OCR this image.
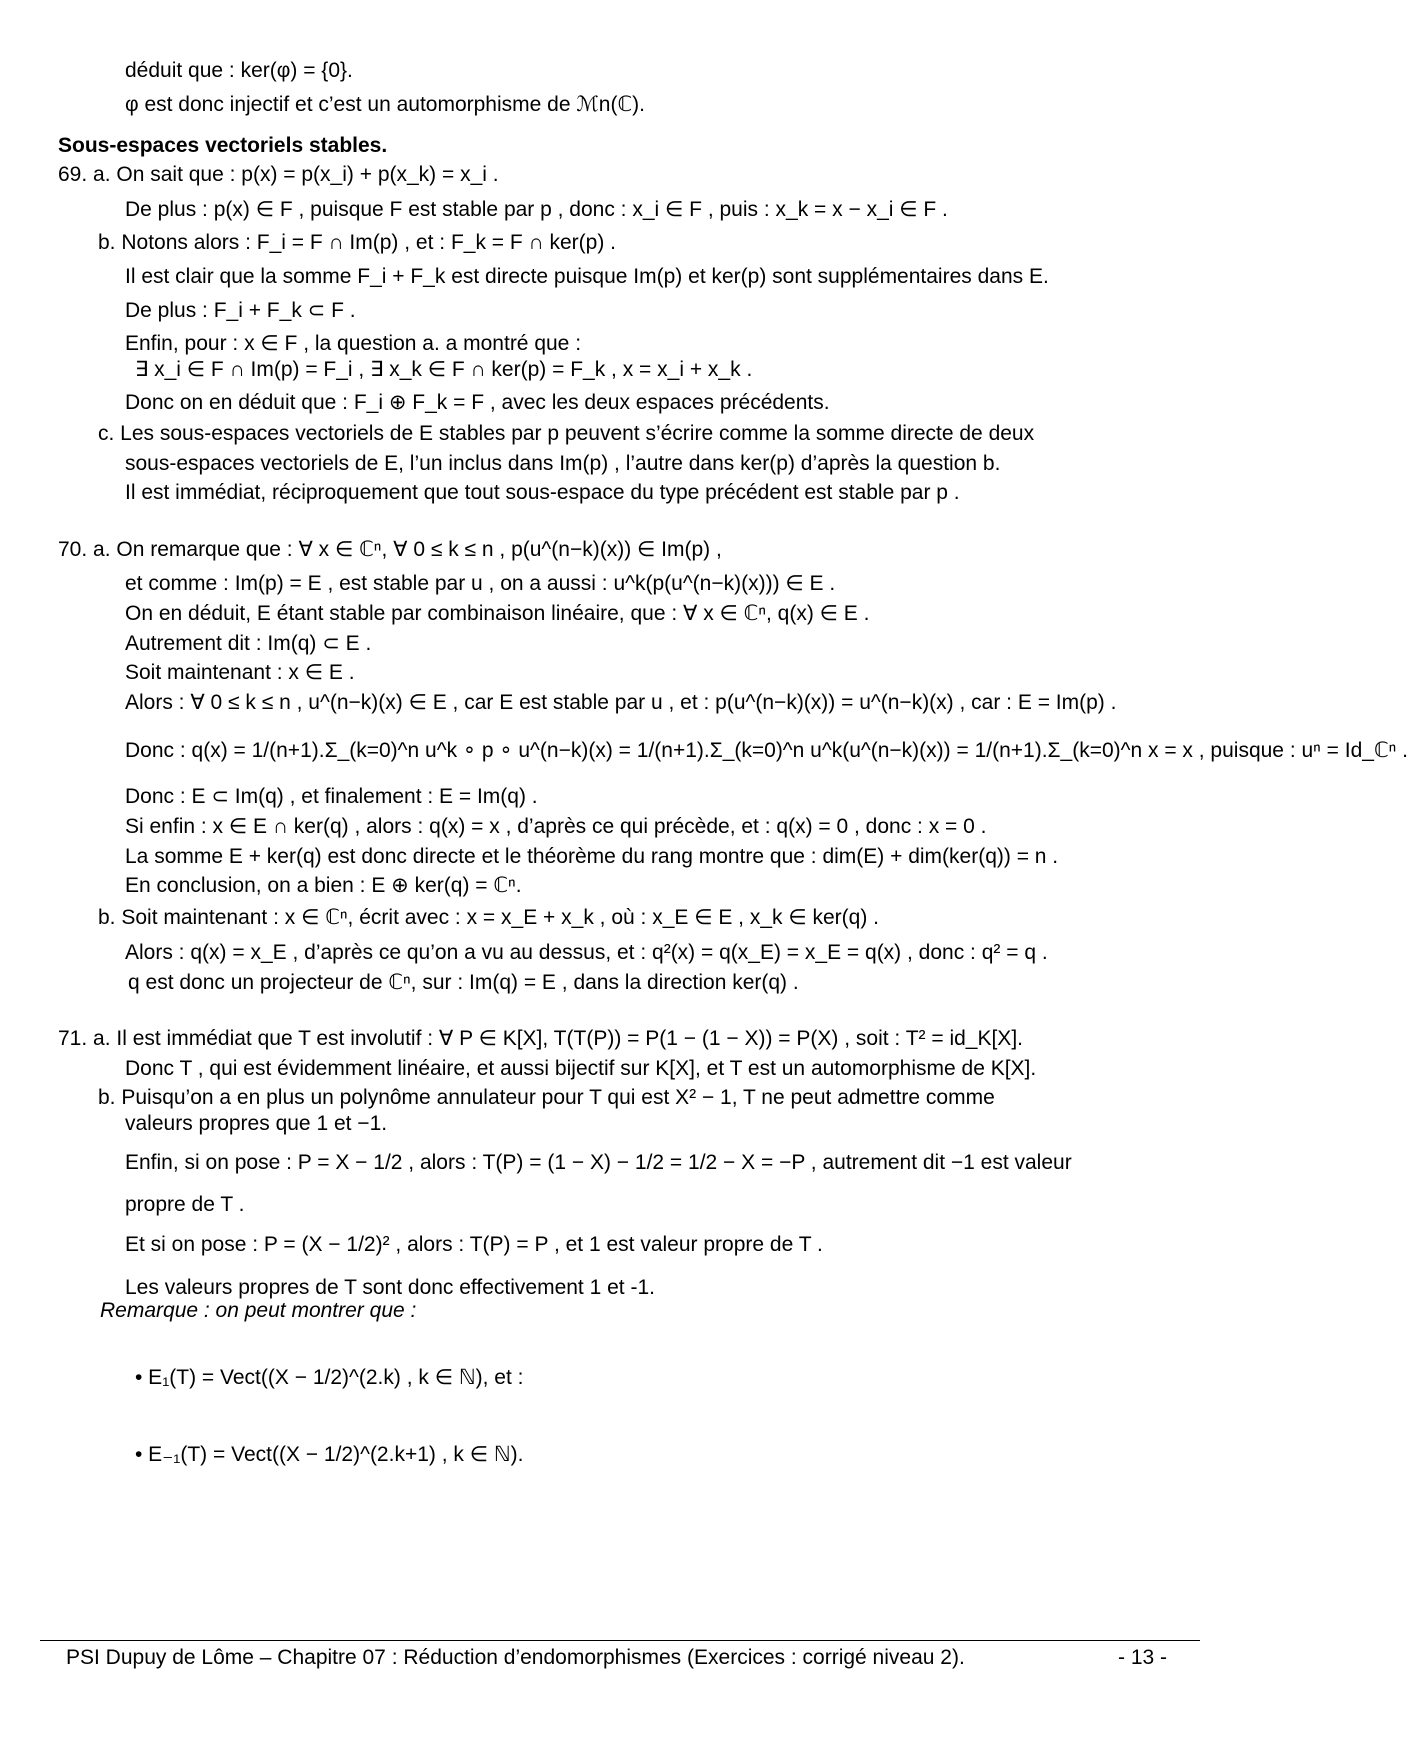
déduit que : ker(φ) = {0}.
φ est donc injectif et c’est un automorphisme de ℳn(ℂ).
Sous-espaces vectoriels stables.
69. a. On sait que : p(x) = p(x_i) + p(x_k) = x_i .
De plus : p(x) ∈ F , puisque F est stable par p , donc : x_i ∈ F , puis : x_k = x − x_i ∈ F .
b. Notons alors : F_i = F ∩ Im(p) , et : F_k = F ∩ ker(p) .
Il est clair que la somme F_i + F_k est directe puisque Im(p) et ker(p) sont supplémentaires dans E.
De plus : F_i + F_k ⊂ F .
Enfin, pour : x ∈ F , la question a. a montré que :
∃ x_i ∈ F ∩ Im(p) = F_i , ∃ x_k ∈ F ∩ ker(p) = F_k , x = x_i + x_k .
Donc on en déduit que : F_i ⊕ F_k = F , avec les deux espaces précédents.
c. Les sous-espaces vectoriels de E stables par p peuvent s’écrire comme la somme directe de deux
sous-espaces vectoriels de E, l’un inclus dans Im(p) , l’autre dans ker(p) d’après la question b.
Il est immédiat, réciproquement que tout sous-espace du type précédent est stable par p .
70. a. On remarque que : ∀ x ∈ ℂⁿ, ∀ 0 ≤ k ≤ n , p(u^(n−k)(x)) ∈ Im(p) ,
et comme : Im(p) = E , est stable par u , on a aussi : u^k(p(u^(n−k)(x))) ∈ E .
On en déduit, E étant stable par combinaison linéaire, que : ∀ x ∈ ℂⁿ, q(x) ∈ E .
Autrement dit : Im(q) ⊂ E .
Soit maintenant : x ∈ E .
Alors : ∀ 0 ≤ k ≤ n , u^(n−k)(x) ∈ E , car E est stable par u , et : p(u^(n−k)(x)) = u^(n−k)(x) , car : E = Im(p) .
Donc : q(x) = 1/(n+1).Σ_(k=0)^n u^k ∘ p ∘ u^(n−k)(x) = 1/(n+1).Σ_(k=0)^n u^k(u^(n−k)(x)) = 1/(n+1).Σ_(k=0)^n x = x , puisque : uⁿ = Id_ℂⁿ .
Donc : E ⊂ Im(q) , et finalement : E = Im(q) .
Si enfin : x ∈ E ∩ ker(q) , alors : q(x) = x , d’après ce qui précède, et : q(x) = 0 , donc : x = 0 .
La somme E + ker(q) est donc directe et le théorème du rang montre que : dim(E) + dim(ker(q)) = n .
En conclusion, on a bien : E ⊕ ker(q) = ℂⁿ.
b. Soit maintenant : x ∈ ℂⁿ, écrit avec : x = x_E + x_k , où : x_E ∈ E , x_k ∈ ker(q) .
Alors : q(x) = x_E , d’après ce qu’on a vu au dessus, et : q²(x) = q(x_E) = x_E = q(x) , donc : q² = q .
q est donc un projecteur de ℂⁿ, sur : Im(q) = E , dans la direction ker(q) .
71. a. Il est immédiat que T est involutif : ∀ P ∈ K[X], T(T(P)) = P(1 − (1 − X)) = P(X) , soit : T² = id_K[X].
Donc T , qui est évidemment linéaire, et aussi bijectif sur K[X], et T est un automorphisme de K[X].
b. Puisqu’on a en plus un polynôme annulateur pour T qui est X² − 1, T ne peut admettre comme
valeurs propres que 1 et −1.
Enfin, si on pose : P = X − 1/2 , alors : T(P) = (1 − X) − 1/2 = 1/2 − X = −P , autrement dit −1 est valeur
propre de T .
Et si on pose : P = (X − 1/2)² , alors : T(P) = P , et 1 est valeur propre de T .
Les valeurs propres de T sont donc effectivement 1 et -1.
Remarque : on peut montrer que :
• E₁(T) = Vect((X − 1/2)^(2.k) , k ∈ ℕ), et :
• E₋₁(T) = Vect((X − 1/2)^(2.k+1) , k ∈ ℕ).
PSI Dupuy de Lôme – Chapitre 07 : Réduction d’endomorphismes (Exercices : corrigé niveau 2).	- 13 -
